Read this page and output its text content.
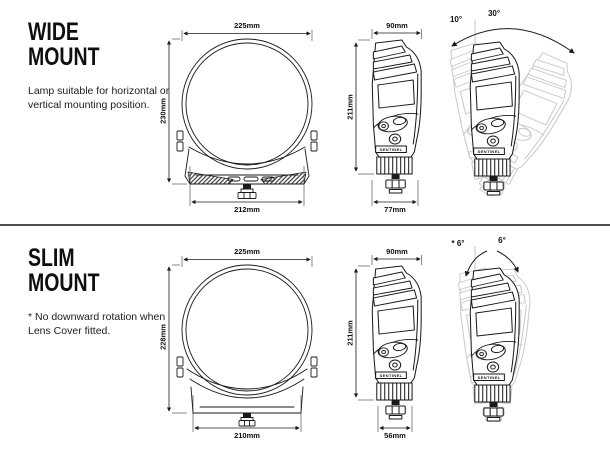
WIDE
MOUNT

Lamp suitable for horizontal or vertical mounting position.

225mm
230mm
212mm
90mm
211mm
77mm
10°
30°
SLIM
MOUNT

* No downward rotation when Lens Cover fitted.

225mm
228mm
210mm
90mm
211mm
56mm
* 6°	6°
